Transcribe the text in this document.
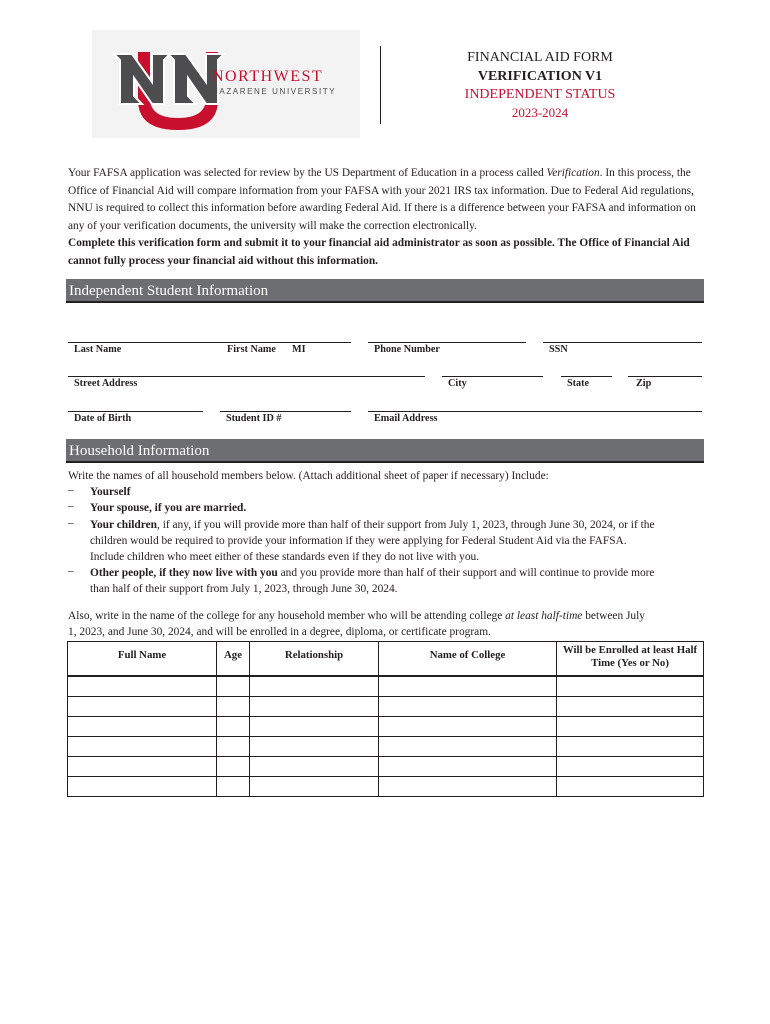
NORTHWEST
NAZARENE UNIVERSITY
FINANCIAL AID FORM
VERIFICATION V1
INDEPENDENT STATUS
2023-2024
Your FAFSA application was selected for review by the US Department of Education in a process called Verification. In this process, the Office of Financial Aid will compare information from your FAFSA with your 2021 IRS tax information. Due to Federal Aid regulations, NNU is required to collect this information before awarding Federal Aid. If there is a difference between your FAFSA and information on any of your verification documents, the university will make the correction electronically.
Complete this verification form and submit it to your financial aid administrator as soon as possible. The Office of Financial Aid cannot fully process your financial aid without this information.
Independent Student Information
Last Name	First Name MI	Phone Number	SSN
Street Address	City	State	Zip
Date of Birth	Student ID #	Email Address
Household Information
Write the names of all household members below. (Attach additional sheet of paper if necessary) Include:
– Yourself
– Your spouse, if you are married.
– Your children, if any, if you will provide more than half of their support from July 1, 2023, through June 30, 2024, or if the
children would be required to provide your information if they were applying for Federal Student Aid via the FAFSA.
Include children who meet either of these standards even if they do not live with you.
– Other people, if they now live with you and you provide more than half of their support and will continue to provide more
than half of their support from July 1, 2023, through June 30, 2024.
Also, write in the name of the college for any household member who will be attending college at least half-time between July
1, 2023, and June 30, 2024, and will be enrolled in a degree, diploma, or certificate program.
Full Name	Age	Relationship	Name of College	Will be Enrolled at least Half Time (Yes or No)
